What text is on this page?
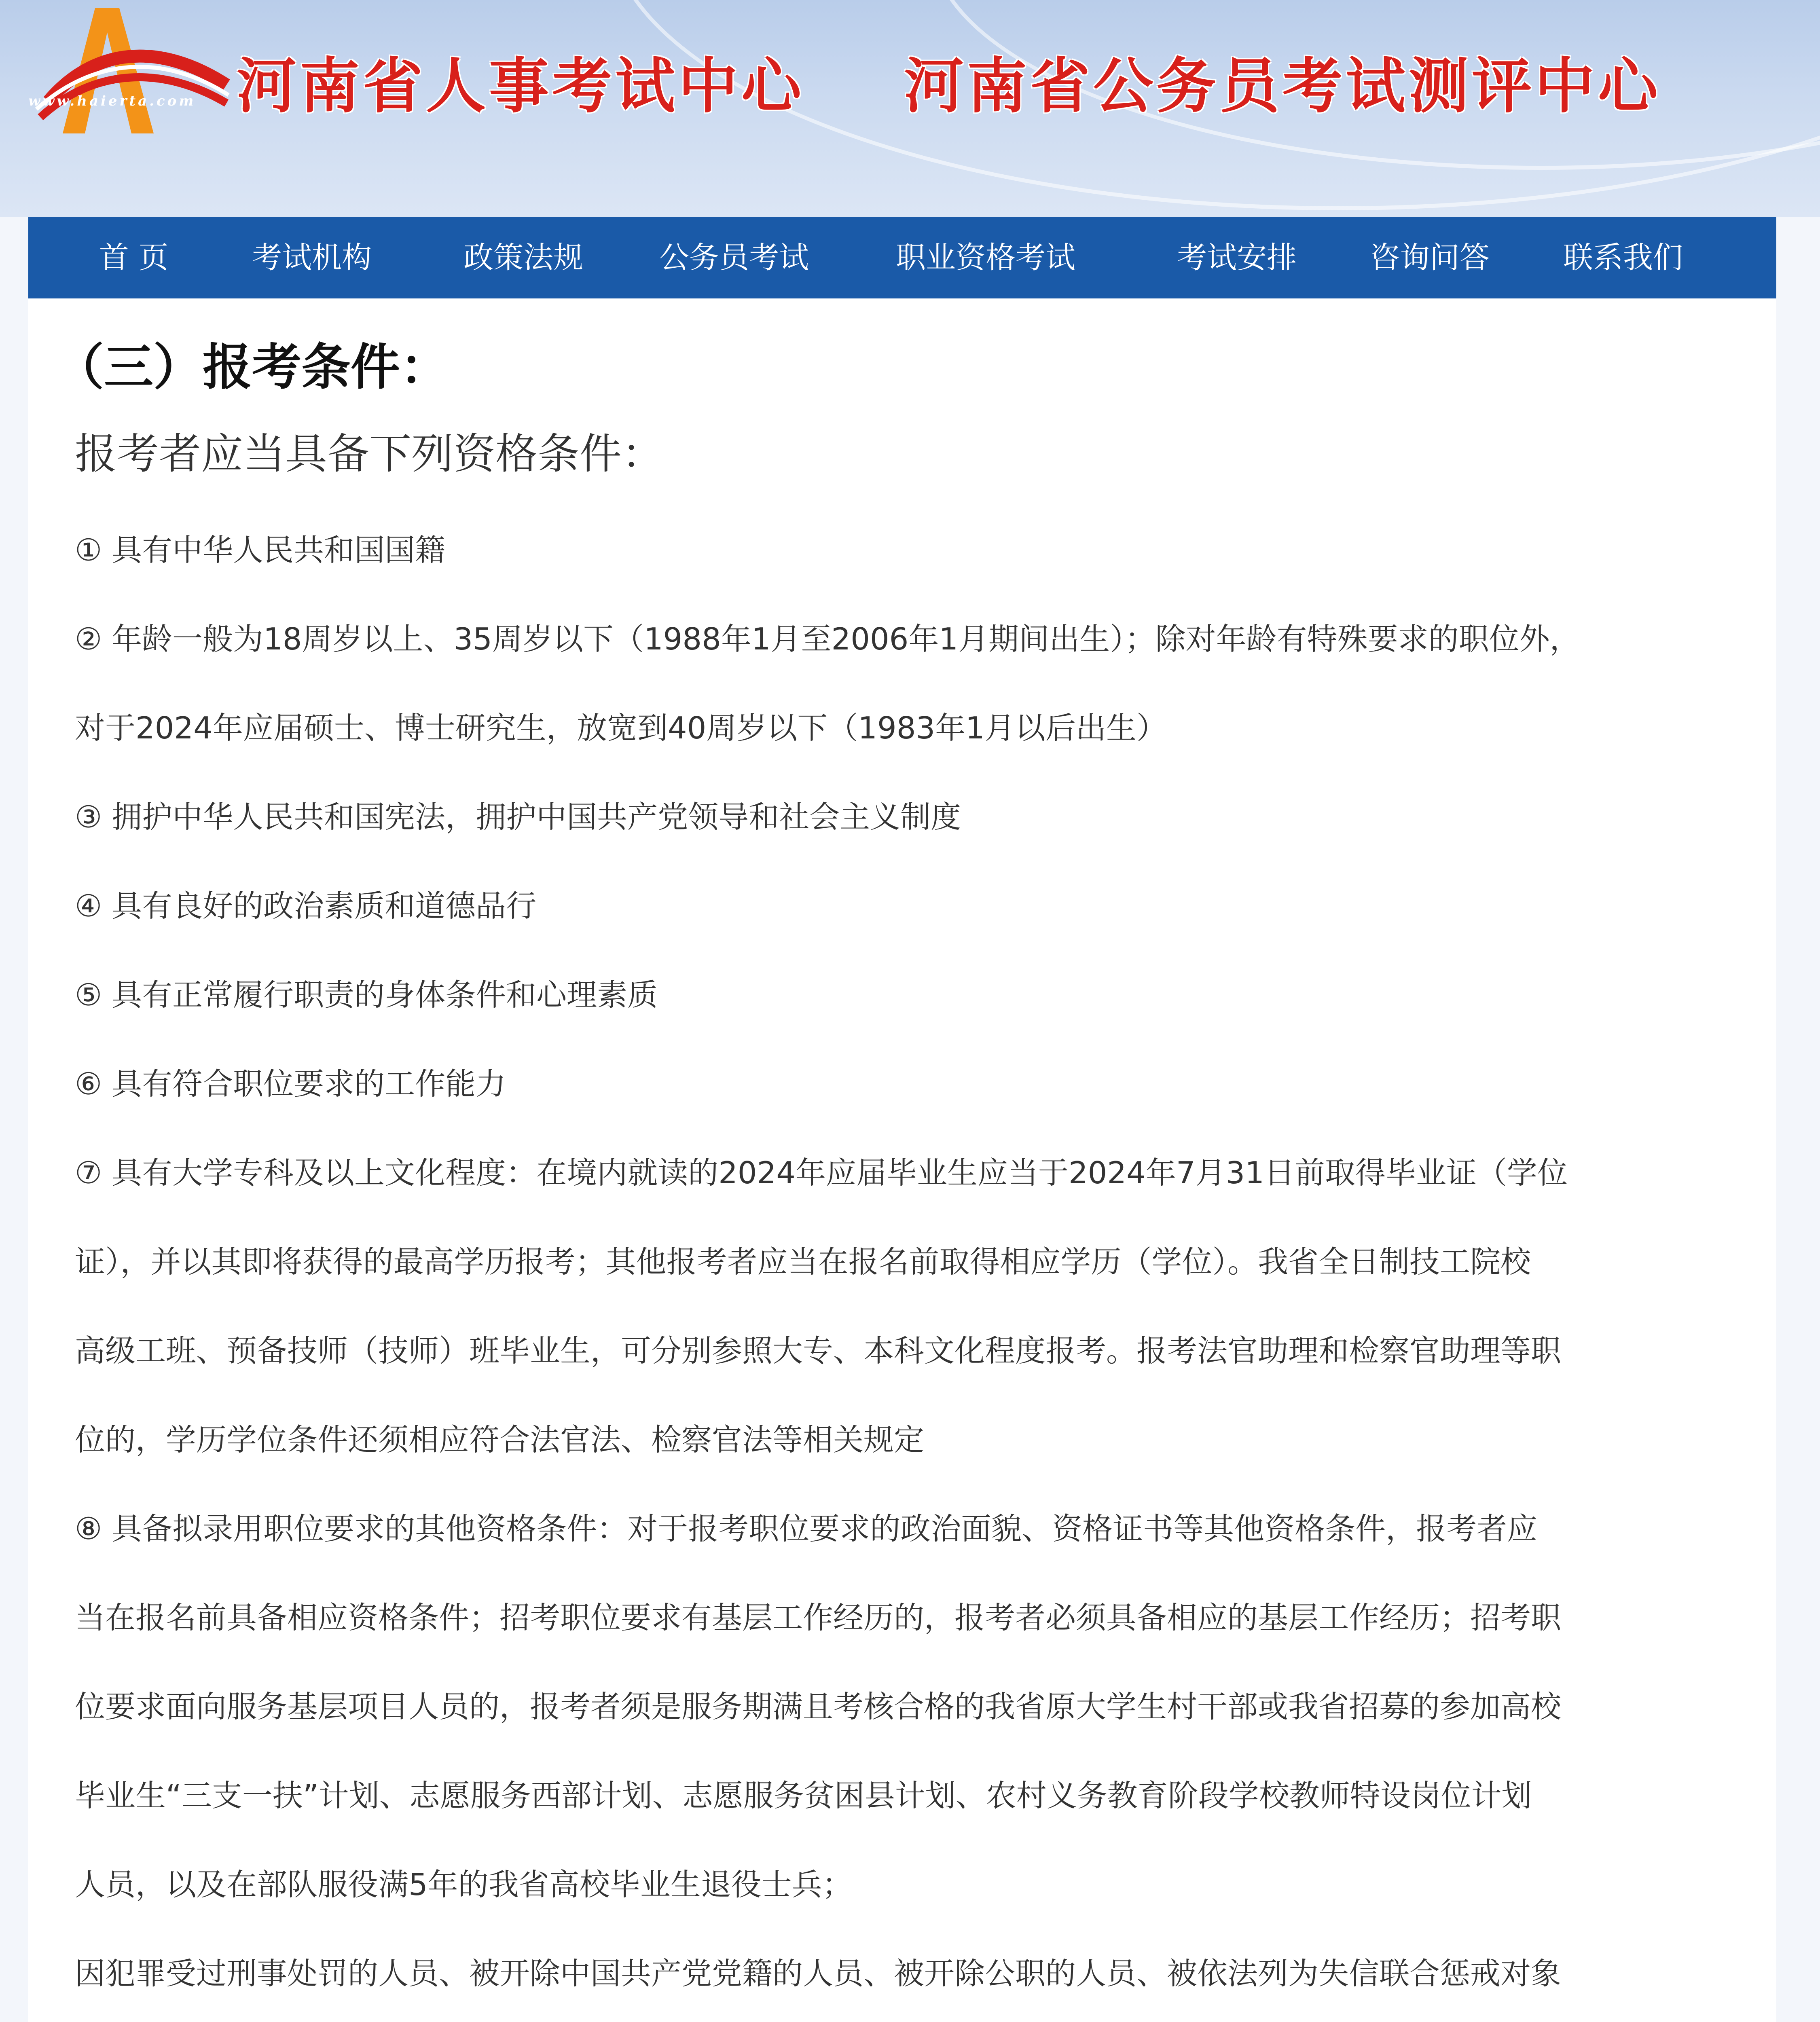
www.haierta.com 河南省人事考试中心 河南省公务员考试测评中心
首 页	考试机构	政策法规	公务员考试	职业资格考试	考试安排 咨询问答 联系我们
（三）报考条件：
报考者应当具备下列资格条件：

① 具有中华人民共和国国籍

② 年龄一般为18周岁以上、35周岁以下（1988年1月至2006年1月期间出生）；除对年龄有特殊要求的职位外，

对于2024年应届硕士、博士研究生，放宽到40周岁以下（1983年1月以后出生）

③ 拥护中华人民共和国宪法，拥护中国共产党领导和社会主义制度

④ 具有良好的政治素质和道德品行

⑤ 具有正常履行职责的身体条件和心理素质

⑥ 具有符合职位要求的工作能力

⑦ 具有大学专科及以上文化程度：在境内就读的2024年应届毕业生应当于2024年7月31日前取得毕业证（学位

证），并以其即将获得的最高学历报考；其他报考者应当在报名前取得相应学历（学位）。我省全日制技工院校

高级工班、预备技师（技师）班毕业生，可分别参照大专、本科文化程度报考。报考法官助理和检察官助理等职

位的，学历学位条件还须相应符合法官法、检察官法等相关规定

⑧ 具备拟录用职位要求的其他资格条件：对于报考职位要求的政治面貌、资格证书等其他资格条件，报考者应

当在报名前具备相应资格条件；招考职位要求有基层工作经历的，报考者必须具备相应的基层工作经历；招考职

位要求面向服务基层项目人员的，报考者须是服务期满且考核合格的我省原大学生村干部或我省招募的参加高校

毕业生“三支一扶”计划、志愿服务西部计划、志愿服务贫困县计划、农村义务教育阶段学校教师特设岗位计划

人员，以及在部队服役满5年的我省高校毕业生退役士兵；

因犯罪受过刑事处罚的人员、被开除中国共产党党籍的人员、被开除公职的人员、被依法列为失信联合惩戒对象
